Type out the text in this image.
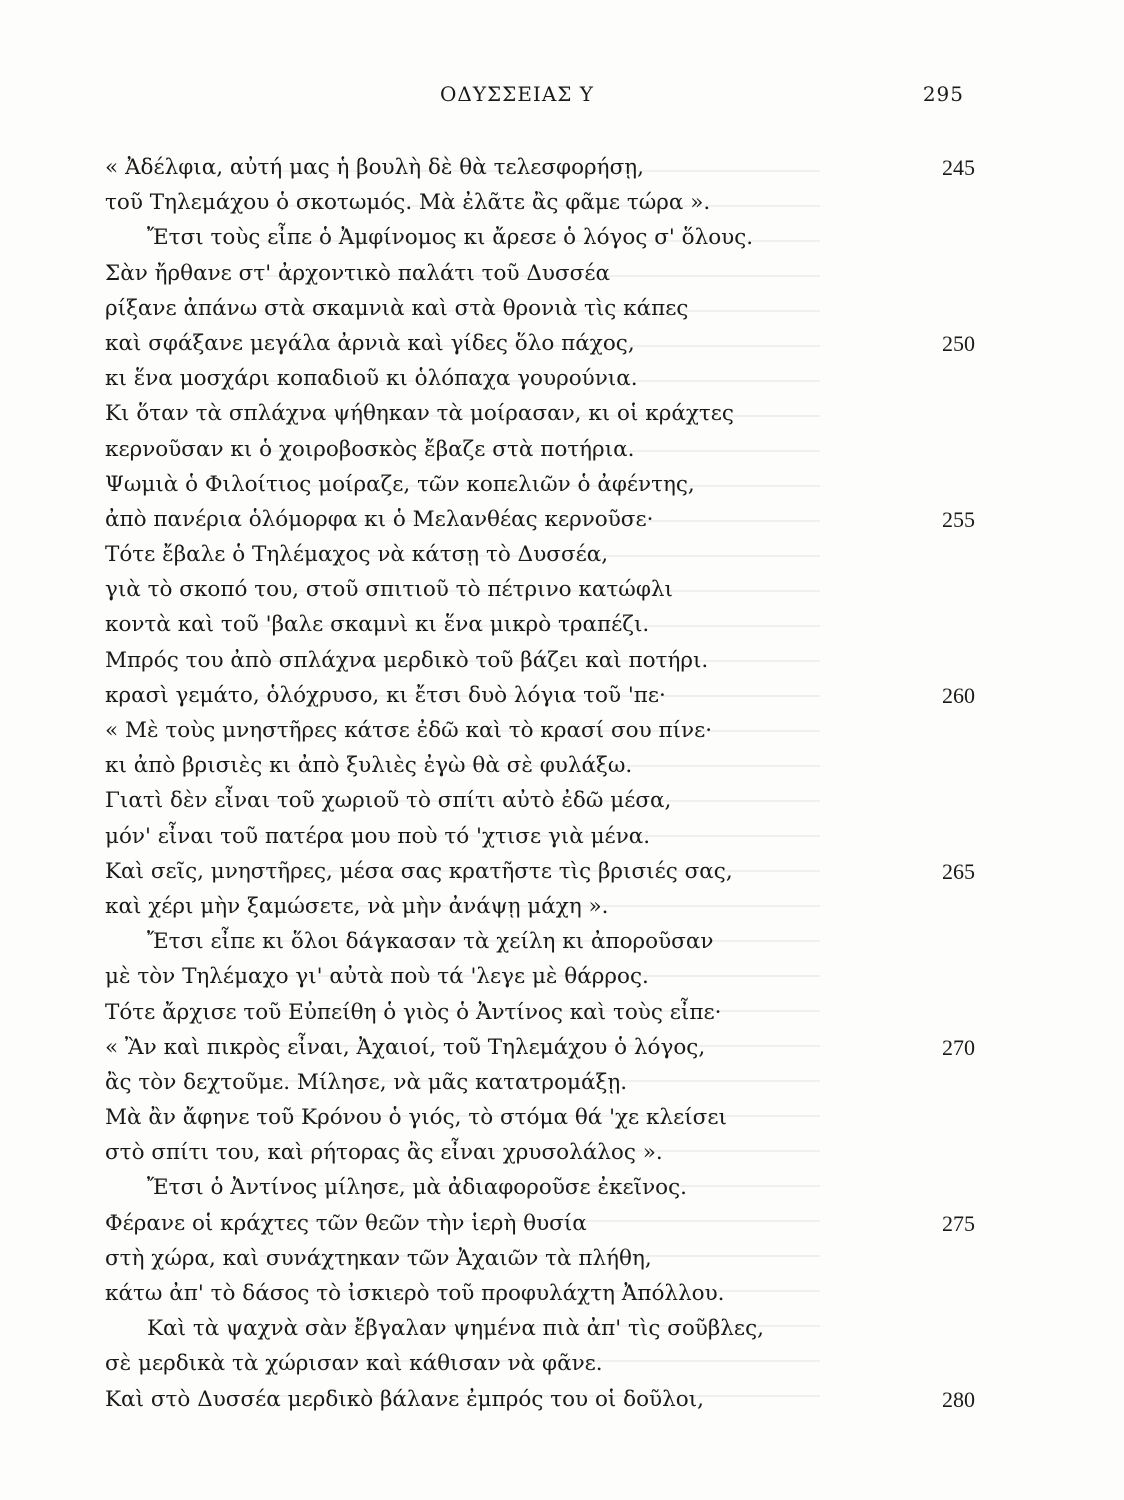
ΟΔΥΣΣΕΙΑΣ Υ	295
« Ἀδέλφια, αὐτή μας ἡ βουλὴ δὲ θὰ τελεσφορήσῃ,	245
τοῦ Τηλεμάχου ὁ σκοτωμός. Μὰ ἐλᾶτε ἂς φᾶμε τώρα ».
Ἔτσι τοὺς εἶπε ὁ Ἀμφίνομος κι ἄρεσε ὁ λόγος σ' ὅλους.
Σὰν ἤρθανε στ' ἀρχοντικὸ παλάτι τοῦ Δυσσέα
ρίξανε ἀπάνω στὰ σκαμνιὰ καὶ στὰ θρονιὰ τὶς κάπες
καὶ σφάξανε μεγάλα ἀρνιὰ καὶ γίδες ὅλο πάχος,	250
κι ἕνα μοσχάρι κοπαδιοῦ κι ὁλόπαχα γουρούνια.
Κι ὅταν τὰ σπλάχνα ψήθηκαν τὰ μοίρασαν, κι οἱ κράχτες
κερνοῦσαν κι ὁ χοιροβοσκὸς ἔβαζε στὰ ποτήρια.
Ψωμιὰ ὁ Φιλοίτιος μοίραζε, τῶν κοπελιῶν ὁ ἀφέντης,
ἀπὸ πανέρια ὁλόμορφα κι ὁ Μελανθέας κερνοῦσε·	255
Τότε ἔβαλε ὁ Τηλέμαχος νὰ κάτσῃ τὸ Δυσσέα,
γιὰ τὸ σκοπό του, στοῦ σπιτιοῦ τὸ πέτρινο κατώφλι
κοντὰ καὶ τοῦ 'βαλε σκαμνὶ κι ἕνα μικρὸ τραπέζι.
Μπρός του ἀπὸ σπλάχνα μερδικὸ τοῦ βάζει καὶ ποτήρι.
κρασὶ γεμάτο, ὁλόχρυσο, κι ἔτσι δυὸ λόγια τοῦ 'πε·	260
« Μὲ τοὺς μνηστῆρες κάτσε ἐδῶ καὶ τὸ κρασί σου πίνε·
κι ἀπὸ βρισιὲς κι ἀπὸ ξυλιὲς ἐγὼ θὰ σὲ φυλάξω.
Γιατὶ δὲν εἶναι τοῦ χωριοῦ τὸ σπίτι αὐτὸ ἐδῶ μέσα,
μόν' εἶναι τοῦ πατέρα μου ποὺ τό 'χτισε γιὰ μένα.
Καὶ σεῖς, μνηστῆρες, μέσα σας κρατῆστε τὶς βρισιές σας,	265
καὶ χέρι μὴν ξαμώσετε, νὰ μὴν ἀνάψῃ μάχη ».
Ἔτσι εἶπε κι ὅλοι δάγκασαν τὰ χείλη κι ἀποροῦσαν
μὲ τὸν Τηλέμαχο γι' αὐτὰ ποὺ τά 'λεγε μὲ θάρρος.
Τότε ἄρχισε τοῦ Εὐπείθη ὁ γιὸς ὁ Ἀντίνος καὶ τοὺς εἶπε·
« Ἂν καὶ πικρὸς εἶναι, Ἀχαιοί, τοῦ Τηλεμάχου ὁ λόγος,	270
ἂς τὸν δεχτοῦμε. Μίλησε, νὰ μᾶς κατατρομάξῃ.
Μὰ ἂν ἄφηνε τοῦ Κρόνου ὁ γιός, τὸ στόμα θά 'χε κλείσει
στὸ σπίτι του, καὶ ρήτορας ἂς εἶναι χρυσολάλος ».
Ἔτσι ὁ Ἀντίνος μίλησε, μὰ ἀδιαφοροῦσε ἐκεῖνος.
Φέρανε οἱ κράχτες τῶν θεῶν τὴν ἱερὴ θυσία	275
στὴ χώρα, καὶ συνάχτηκαν τῶν Ἀχαιῶν τὰ πλήθη,
κάτω ἀπ' τὸ δάσος τὸ ἰσκιερὸ τοῦ προφυλάχτη Ἀπόλλου.
Καὶ τὰ ψαχνὰ σὰν ἔβγαλαν ψημένα πιὰ ἀπ' τὶς σοῦβλες,
σὲ μερδικὰ τὰ χώρισαν καὶ κάθισαν νὰ φᾶνε.
Καὶ στὸ Δυσσέα μερδικὸ βάλανε ἐμπρός του οἱ δοῦλοι,	280
